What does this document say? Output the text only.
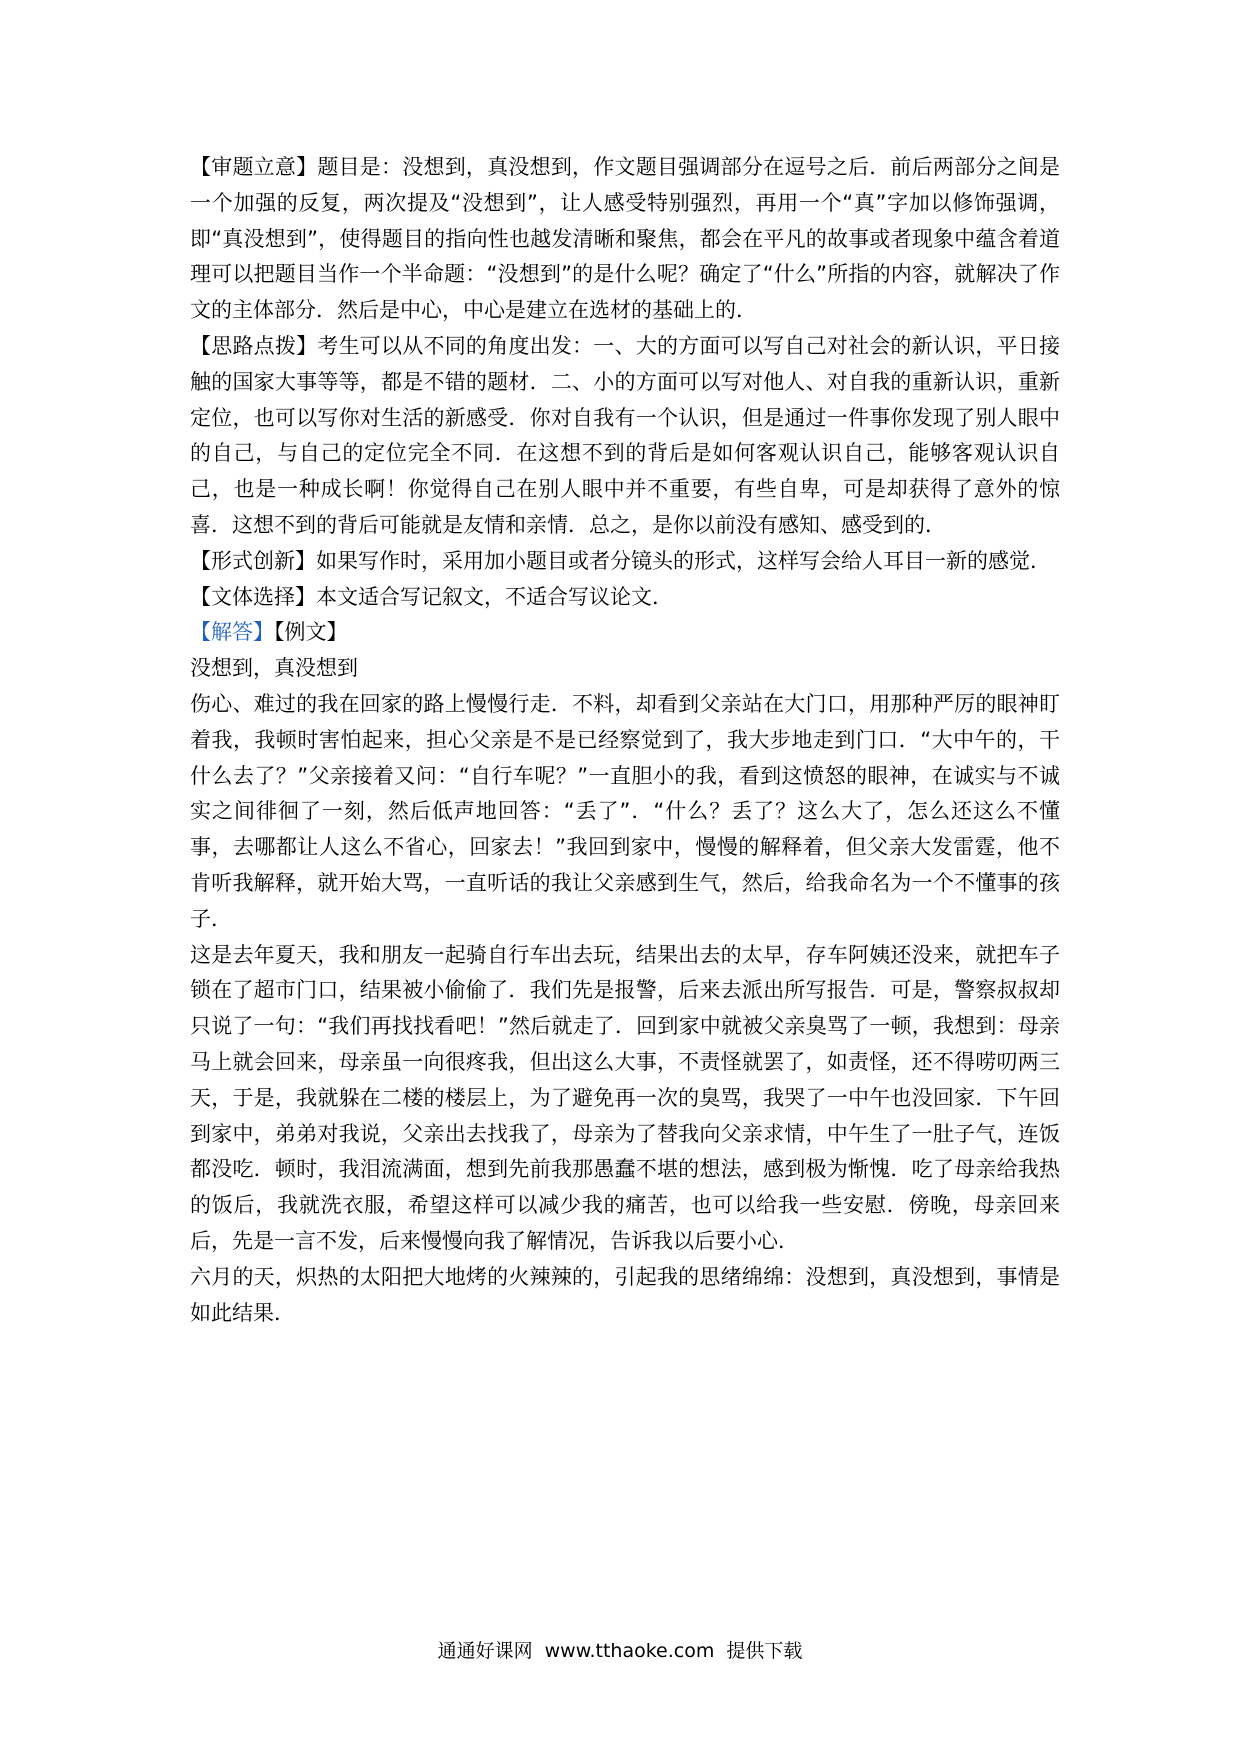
【审题立意】题目是：没想到，真没想到，作文题目强调部分在逗号之后．前后两部分之间是一个加强的反复，两次提及“没想到”，让人感受特别强烈，再用一个“真”字加以修饰强调，即“真没想到”，使得题目的指向性也越发清晰和聚焦，都会在平凡的故事或者现象中蕴含着道理可以把题目当作一个半命题：“没想到”的是什么呢？确定了“什么”所指的内容，就解决了作文的主体部分．然后是中心，中心是建立在选材的基础上的．

【思路点拨】考生可以从不同的角度出发：一、大的方面可以写自己对社会的新认识，平日接触的国家大事等等，都是不错的题材．二、小的方面可以写对他人、对自我的重新认识，重新定位，也可以写你对生活的新感受．你对自我有一个认识，但是通过一件事你发现了别人眼中的自己，与自己的定位完全不同．在这想不到的背后是如何客观认识自己，能够客观认识自己，也是一种成长啊！你觉得自己在别人眼中并不重要，有些自卑，可是却获得了意外的惊喜．这想不到的背后可能就是友情和亲情．总之，是你以前没有感知、感受到的．

【形式创新】如果写作时，采用加小题目或者分镜头的形式，这样写会给人耳目一新的感觉．

【文体选择】本文适合写记叙文，不适合写议论文．

【解答】【例文】

没想到，真没想到

伤心、难过的我在回家的路上慢慢行走．不料，却看到父亲站在大门口，用那种严厉的眼神盯着我，我顿时害怕起来，担心父亲是不是已经察觉到了，我大步地走到门口．“大中午的，干什么去了？”父亲接着又问：“自行车呢？”一直胆小的我，看到这愤怒的眼神，在诚实与不诚实之间徘徊了一刻，然后低声地回答：“丢了”．“什么？丢了？这么大了，怎么还这么不懂事，去哪都让人这么不省心，回家去！”我回到家中，慢慢的解释着，但父亲大发雷霆，他不肯听我解释，就开始大骂，一直听话的我让父亲感到生气，然后，给我命名为一个不懂事的孩子．

这是去年夏天，我和朋友一起骑自行车出去玩，结果出去的太早，存车阿姨还没来，就把车子锁在了超市门口，结果被小偷偷了．我们先是报警，后来去派出所写报告．可是，警察叔叔却只说了一句：“我们再找找看吧！”然后就走了．回到家中就被父亲臭骂了一顿，我想到：母亲马上就会回来，母亲虽一向很疼我，但出这么大事，不责怪就罢了，如责怪，还不得唠叨两三天，于是，我就躲在二楼的楼层上，为了避免再一次的臭骂，我哭了一中午也没回家．下午回到家中，弟弟对我说，父亲出去找我了，母亲为了替我向父亲求情，中午生了一肚子气，连饭都没吃．顿时，我泪流满面，想到先前我那愚蠢不堪的想法，感到极为惭愧．吃了母亲给我热的饭后，我就洗衣服，希望这样可以减少我的痛苦，也可以给我一些安慰．傍晚，母亲回来后，先是一言不发，后来慢慢向我了解情况，告诉我以后要小心．

六月的天，炽热的太阳把大地烤的火辣辣的，引起我的思绪绵绵：没想到，真没想到，事情是如此结果．

通通好课网 www.tthaoke.com 提供下载
